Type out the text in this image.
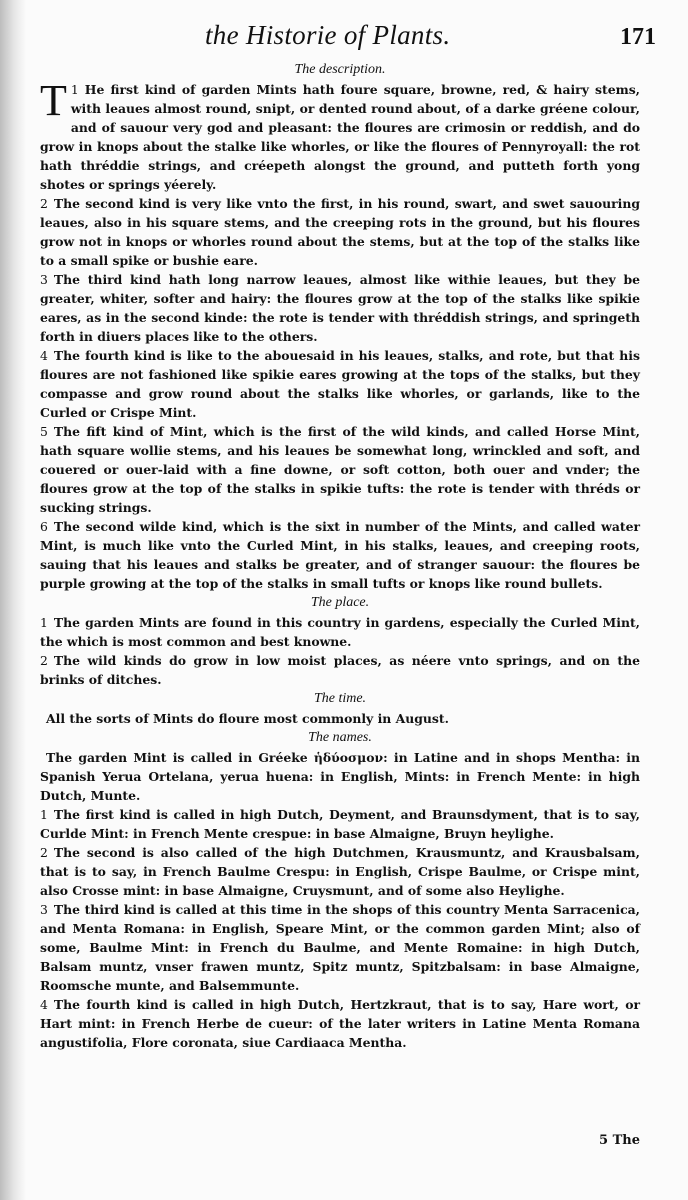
the Historie of Plants.	171
The description.

1
T He first kind of garden Mints hath foure square, browne, red, & hairy stems, with leaues almost round, snipt, or dented round about, of a darke gréene colour, and of sauour very god and pleasant: the floures are crimosin or reddish, and do grow in knops about the stalke like whorles, or like the floures of Pennyroyall: the rot hath thréddie strings, and créepeth alongst the ground, and putteth forth yong shotes or springs yéerely.

2 The second kind is very like vnto the first, in his round, swart, and swet sauouring leaues, also in his square stems, and the creeping rots in the ground, but his floures grow not in knops or whorles round about the stems, but at the top of the stalks like to a small spike or bushie eare.

3 The third kind hath long narrow leaues, almost like withie leaues, but they be greater, whiter, softer and hairy: the floures grow at the top of the stalks like spikie eares, as in the second kinde: the rote is tender with thréddish strings, and springeth forth in diuers places like to the others.

4 The fourth kind is like to the abouesaid in his leaues, stalks, and rote, but that his floures are not fashioned like spikie eares growing at the tops of the stalks, but they compasse and grow round about the stalks like whorles, or garlands, like to the Curled or Crispe Mint.

5 The fift kind of Mint, which is the first of the wild kinds, and called Horse Mint, hath square wollie stems, and his leaues be somewhat long, wrinckled and soft, and couered or ouer-laid with a fine downe, or soft cotton, both ouer and vnder; the floures grow at the top of the stalks in spikie tufts: the rote is tender with thréds or sucking strings.

6 The second wilde kind, which is the sixt in number of the Mints, and called water Mint, is much like vnto the Curled Mint, in his stalks, leaues, and creeping roots, sauing that his leaues and stalks be greater, and of stranger sauour: the floures be purple growing at the top of the stalks in small tufts or knops like round bullets.

The place.

1 The garden Mints are found in this country in gardens, especially the Curled Mint, the which is most common and best knowne.

2 The wild kinds do grow in low moist places, as néere vnto springs, and on the brinks of ditches.

The time.

All the sorts of Mints do floure most commonly in August.

The names.

The garden Mint is called in Gréeke ἡδύοσμον: in Latine and in shops Mentha: in Spanish Yerua Ortelana, yerua huena: in English, Mints: in French Mente: in high Dutch, Munte.

1 The first kind is called in high Dutch, Deyment, and Braunsdyment, that is to say, Curlde Mint: in French Mente crespue: in base Almaigne, Bruyn heylighe.

2 The second is also called of the high Dutchmen, Krausmuntz, and Krausbalsam, that is to say, in French Baulme Crespu: in English, Crispe Baulme, or Crispe mint, also Crosse mint: in base Almaigne, Cruysmunt, and of some also Heylighe.

3 The third kind is called at this time in the shops of this country Menta Sarracenica, and Menta Romana: in English, Speare Mint, or the common garden Mint; also of some, Baulme Mint: in French du Baulme, and Mente Romaine: in high Dutch, Balsam muntz, vnser frawen muntz, Spitz muntz, Spitzbalsam: in base Almaigne, Roomsche munte, and Balsemmunte.

4 The fourth kind is called in high Dutch, Hertzkraut, that is to say, Hare wort, or Hart mint: in French Herbe de cueur: of the later writers in Latine Menta Romana angustifolia, Flore coronata, siue Cardiaaca Mentha.

5 The
